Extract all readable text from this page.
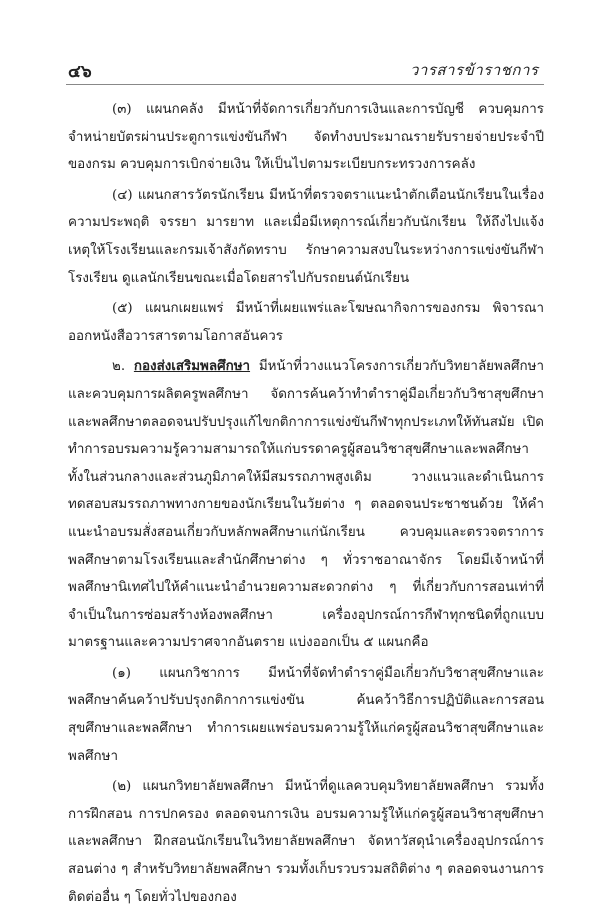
๔๖	วารสารข้าราชการ

(๓) แผนกคลัง มีหน้าที่จัดการเกี่ยวกับการเงินและการบัญชี ควบคุมการจำหน่ายบัตรผ่านประตูการแข่งขันกีฬา จัดทำงบประมาณรายรับรายจ่ายประจำปีของกรม ควบคุมการเบิกจ่ายเงิน ให้เป็นไปตามระเบียบกระทรวงการคลัง

(๔) แผนกสารวัตรนักเรียน มีหน้าที่ตรวจตราแนะนำตักเตือนนักเรียนในเรื่องความประพฤติ จรรยา มารยาท และเมื่อมีเหตุการณ์เกี่ยวกับนักเรียน ให้ถึงไปแจ้งเหตุให้โรงเรียนและกรมเจ้าสังกัดทราบ รักษาความสงบในระหว่างการแข่งขันกีฬาโรงเรียน ดูแลนักเรียนขณะเมื่อโดยสารไปกับรถยนต์นักเรียน

(๕) แผนกเผยแพร่ มีหน้าที่เผยแพร่และโฆษณากิจการของกรม พิจารณาออกหนังสือวารสารตามโอกาสอันควร

๒. กองส่งเสริมพลศึกษา มีหน้าที่วางแนวโครงการเกี่ยวกับวิทยาลัยพลศึกษาและควบคุมการผลิตครูพลศึกษา จัดการค้นคว้าทำตำราคู่มือเกี่ยวกับวิชาสุขศึกษาและพลศึกษาตลอดจนปรับปรุงแก้ไขกติกาการแข่งขันกีฬาทุกประเภทให้ทันสมัย เปิดทำการอบรมความรู้ความสามารถให้แก่บรรดาครูผู้สอนวิชาสุขศึกษาและพลศึกษา ทั้งในส่วนกลางและส่วนภูมิภาคให้มีสมรรถภาพสูงเดิม วางแนวและดำเนินการทดสอบสมรรถภาพทางกายของนักเรียนในวัยต่าง ๆ ตลอดจนประชาชนด้วย ให้คำแนะนำอบรมสั่งสอนเกี่ยวกับหลักพลศึกษาแก่นักเรียน ควบคุมและตรวจตราการพลศึกษาตามโรงเรียนและสำนักศึกษาต่าง ๆ ทั่วราชอาณาจักร โดยมีเจ้าหน้าที่พลศึกษานิเทศไปให้คำแนะนำอำนวยความสะดวกต่าง ๆ ที่เกี่ยวกับการสอนเท่าที่จำเป็นในการซ่อมสร้างห้องพลศึกษา เครื่องอุปกรณ์การกีฬาทุกชนิดที่ถูกแบบมาตรฐานและความปราศจากอันตราย แบ่งออกเป็น ๕ แผนกคือ

(๑) แผนกวิชาการ มีหน้าที่จัดทำตำราคู่มือเกี่ยวกับวิชาสุขศึกษาและพลศึกษาค้นคว้าปรับปรุงกติกาการแข่งขัน ค้นคว้าวิธีการปฏิบัติและการสอนสุขศึกษาและพลศึกษา ทำการเผยแพร่อบรมความรู้ให้แก่ครูผู้สอนวิชาสุขศึกษาและพลศึกษา

(๒) แผนกวิทยาลัยพลศึกษา มีหน้าที่ดูแลควบคุมวิทยาลัยพลศึกษา รวมทั้งการฝึกสอน การปกครอง ตลอดจนการเงิน อบรมความรู้ให้แก่ครูผู้สอนวิชาสุขศึกษาและพลศึกษา ฝึกสอนนักเรียนในวิทยาลัยพลศึกษา จัดหาวัสดุนำเครื่องอุปกรณ์การสอนต่าง ๆ สำหรับวิทยาลัยพลศึกษา รวมทั้งเก็บรวบรวมสถิติต่าง ๆ ตลอดจนงานการติดต่ออื่น ๆ โดยทั่วไปของกอง
